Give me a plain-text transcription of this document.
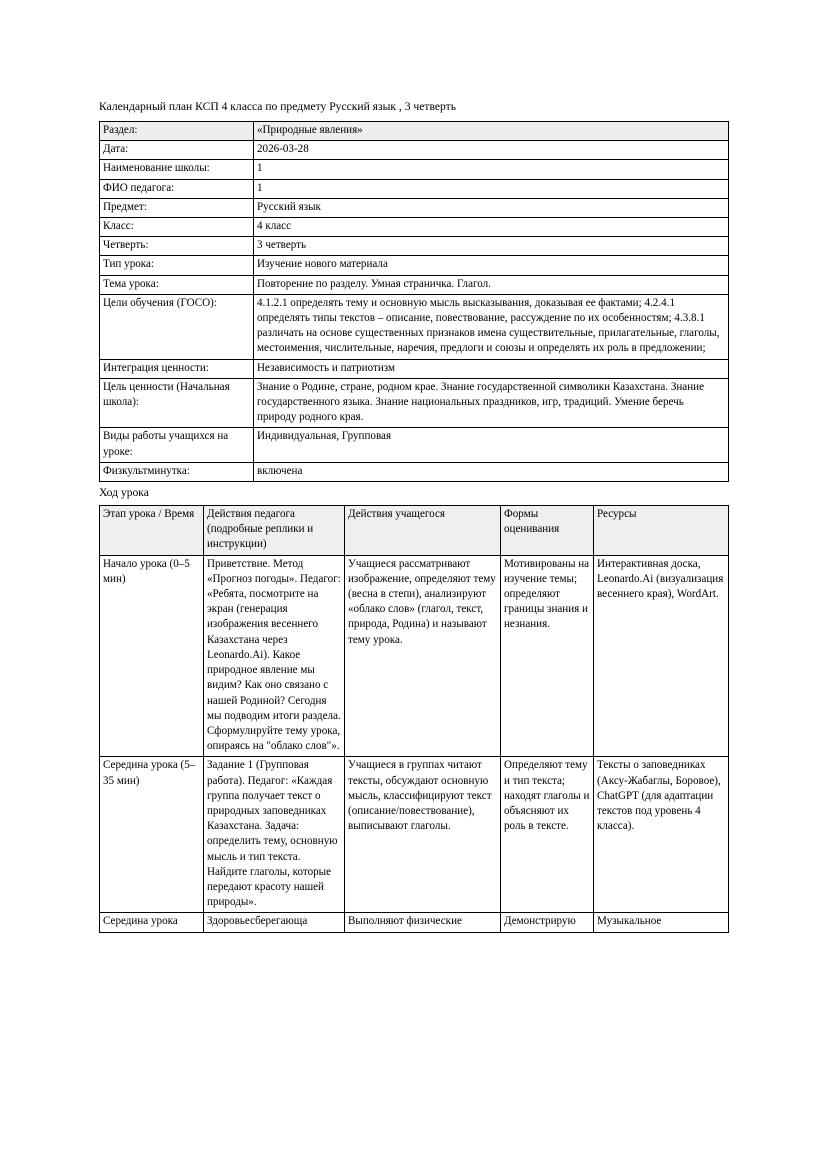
Календарный план КСП 4 класса по предмету Русский язык , 3 четверть
Раздел:	«Природные явления»
Дата:	2026-03-28
Наименование школы:	1
ФИО педагога:	1
Предмет:	Русский язык
Класс:	4 класс
Четверть:	3 четверть
Тип урока:	Изучение нового материала
Тема урока:	Повторение по разделу. Умная страничка. Глагол.
Цели обучения (ГОСО):	4.1.2.1 определять тему и основную мысль высказывания, доказывая ее фактами; 4.2.4.1 определять типы текстов – описание, повествование, рассуждение по их особенностям; 4.3.8.1 различать на основе существенных признаков имена существительные, прилагательные, глаголы, местоимения, числительные, наречия, предлоги и союзы и определять их роль в предложении;
Интеграция ценности:	Независимость и патриотизм
Цель ценности (Начальная школа):	Знание о Родине, стране, родном крае. Знание государственной символики Казахстана. Знание государственного языка. Знание национальных праздников, игр, традиций. Умение беречь природу родного края.
Виды работы учащихся на уроке:	Индивидуальная, Групповая
Физкультминутка:	включена
Ход урока
Этап урока / Время	Действия педагога (подробные реплики и инструкции)	Действия учащегося	Формы оценивания	Ресурсы
Начало урока (0–5 мин)	Приветствие. Метод «Прогноз погоды». Педагог: «Ребята, посмотрите на экран (генерация изображения весеннего Казахстана через Leonardo.Ai). Какое природное явление мы видим? Как оно связано с нашей Родиной? Сегодня мы подводим итоги раздела. Сформулируйте тему урока, опираясь на "облако слов"».	Учащиеся рассматривают изображение, определяют тему (весна в степи), анализируют «облако слов» (глагол, текст, природа, Родина) и называют тему урока.	Мотивированы на изучение темы; определяют границы знания и незнания.	Интерактивная доска, Leonardo.Ai (визуализация весеннего края), WordArt.
Середина урока (5–35 мин)	Задание 1 (Групповая работа). Педагог: «Каждая группа получает текст о природных заповедниках Казахстана. Задача: определить тему, основную мысль и тип текста. Найдите глаголы, которые передают красоту нашей природы».	Учащиеся в группах читают тексты, обсуждают основную мысль, классифицируют текст (описание/повествование), выписывают глаголы.	Определяют тему и тип текста; находят глаголы и объясняют их роль в тексте.	Тексты о заповедниках (Аксу-Жабаглы, Боровое), ChatGPT (для адаптации текстов под уровень 4 класса).
Середина урока	Здоровьесберегающа	Выполняют физические	Демонстрирую	Музыкальное
